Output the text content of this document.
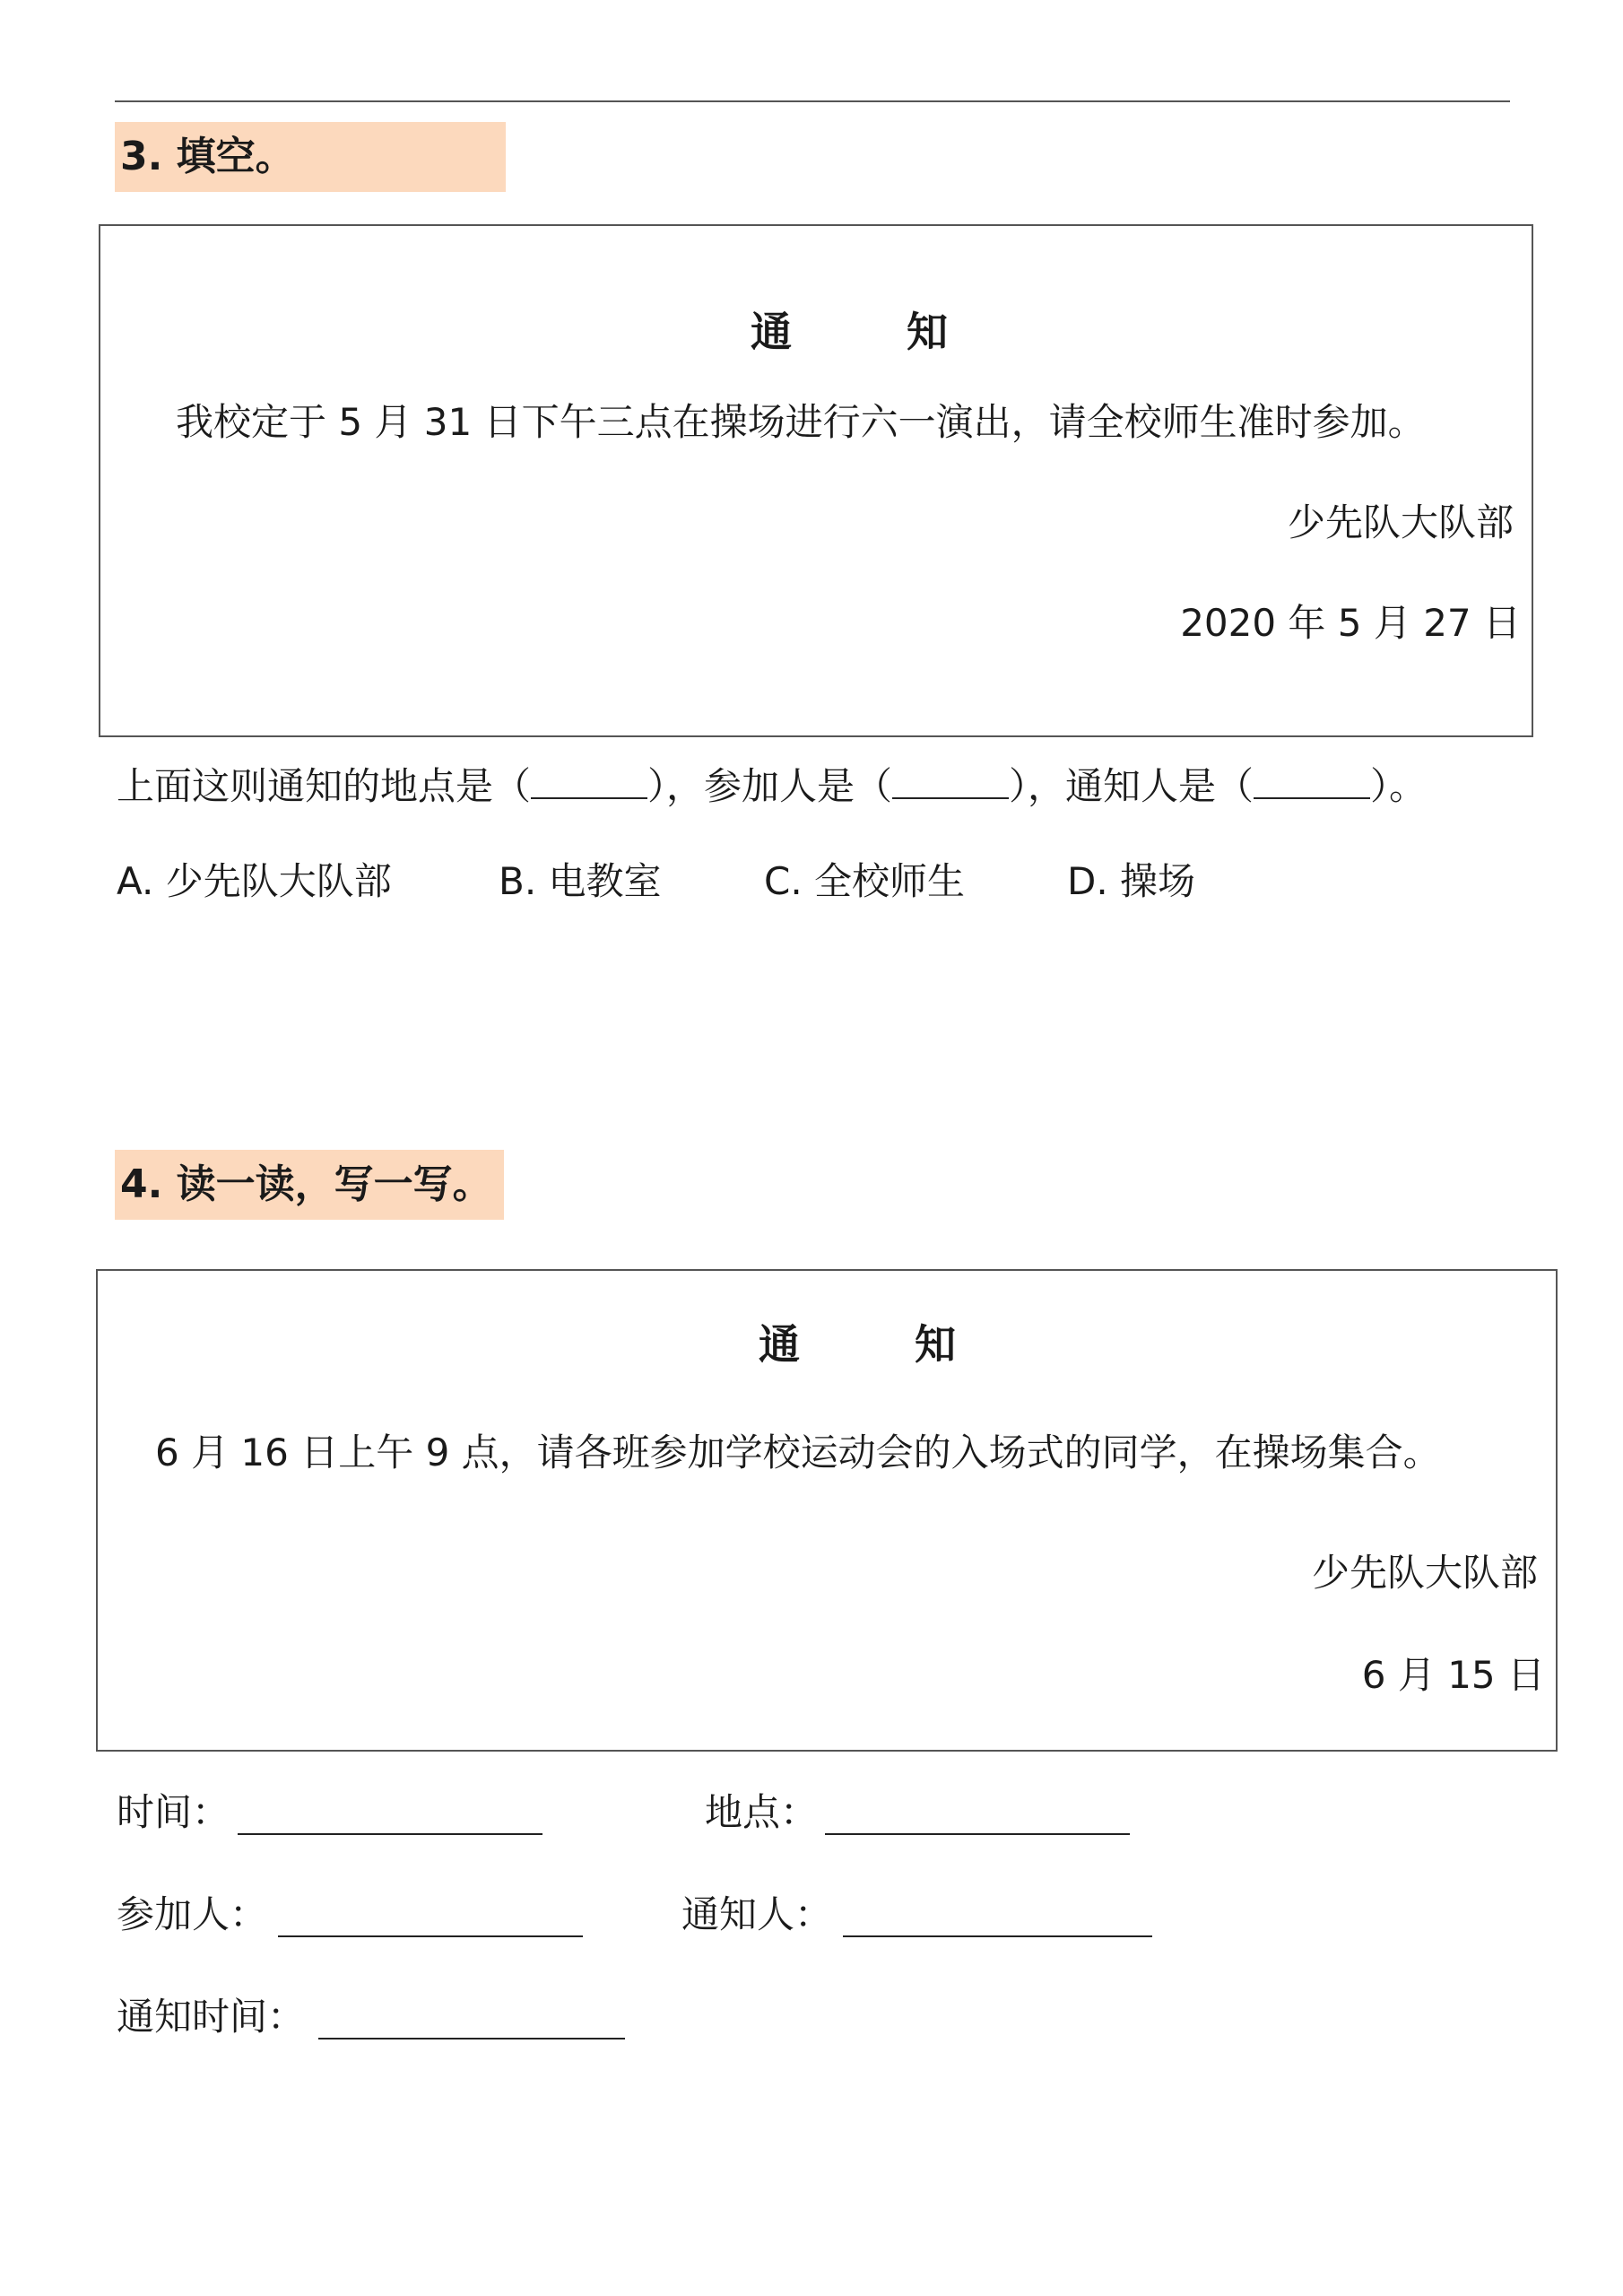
3. 填空。
通 知
我校定于 5 月 31 日下午三点在操场进行六一演出，请全校师生准时参加。
少先队大队部
2020 年 5 月 27 日
上面这则通知的地点是（	），参加人是（	），通知人是（	）。
A. 少先队大队部	B. 电教室	C. 全校师生	D. 操场
4. 读一读，写一写。
通 知
6 月 16 日上午 9 点，请各班参加学校运动会的入场式的同学，在操场集合。
少先队大队部
6 月 15 日
时间：	地点：
参加人：	通知人：
通知时间：
